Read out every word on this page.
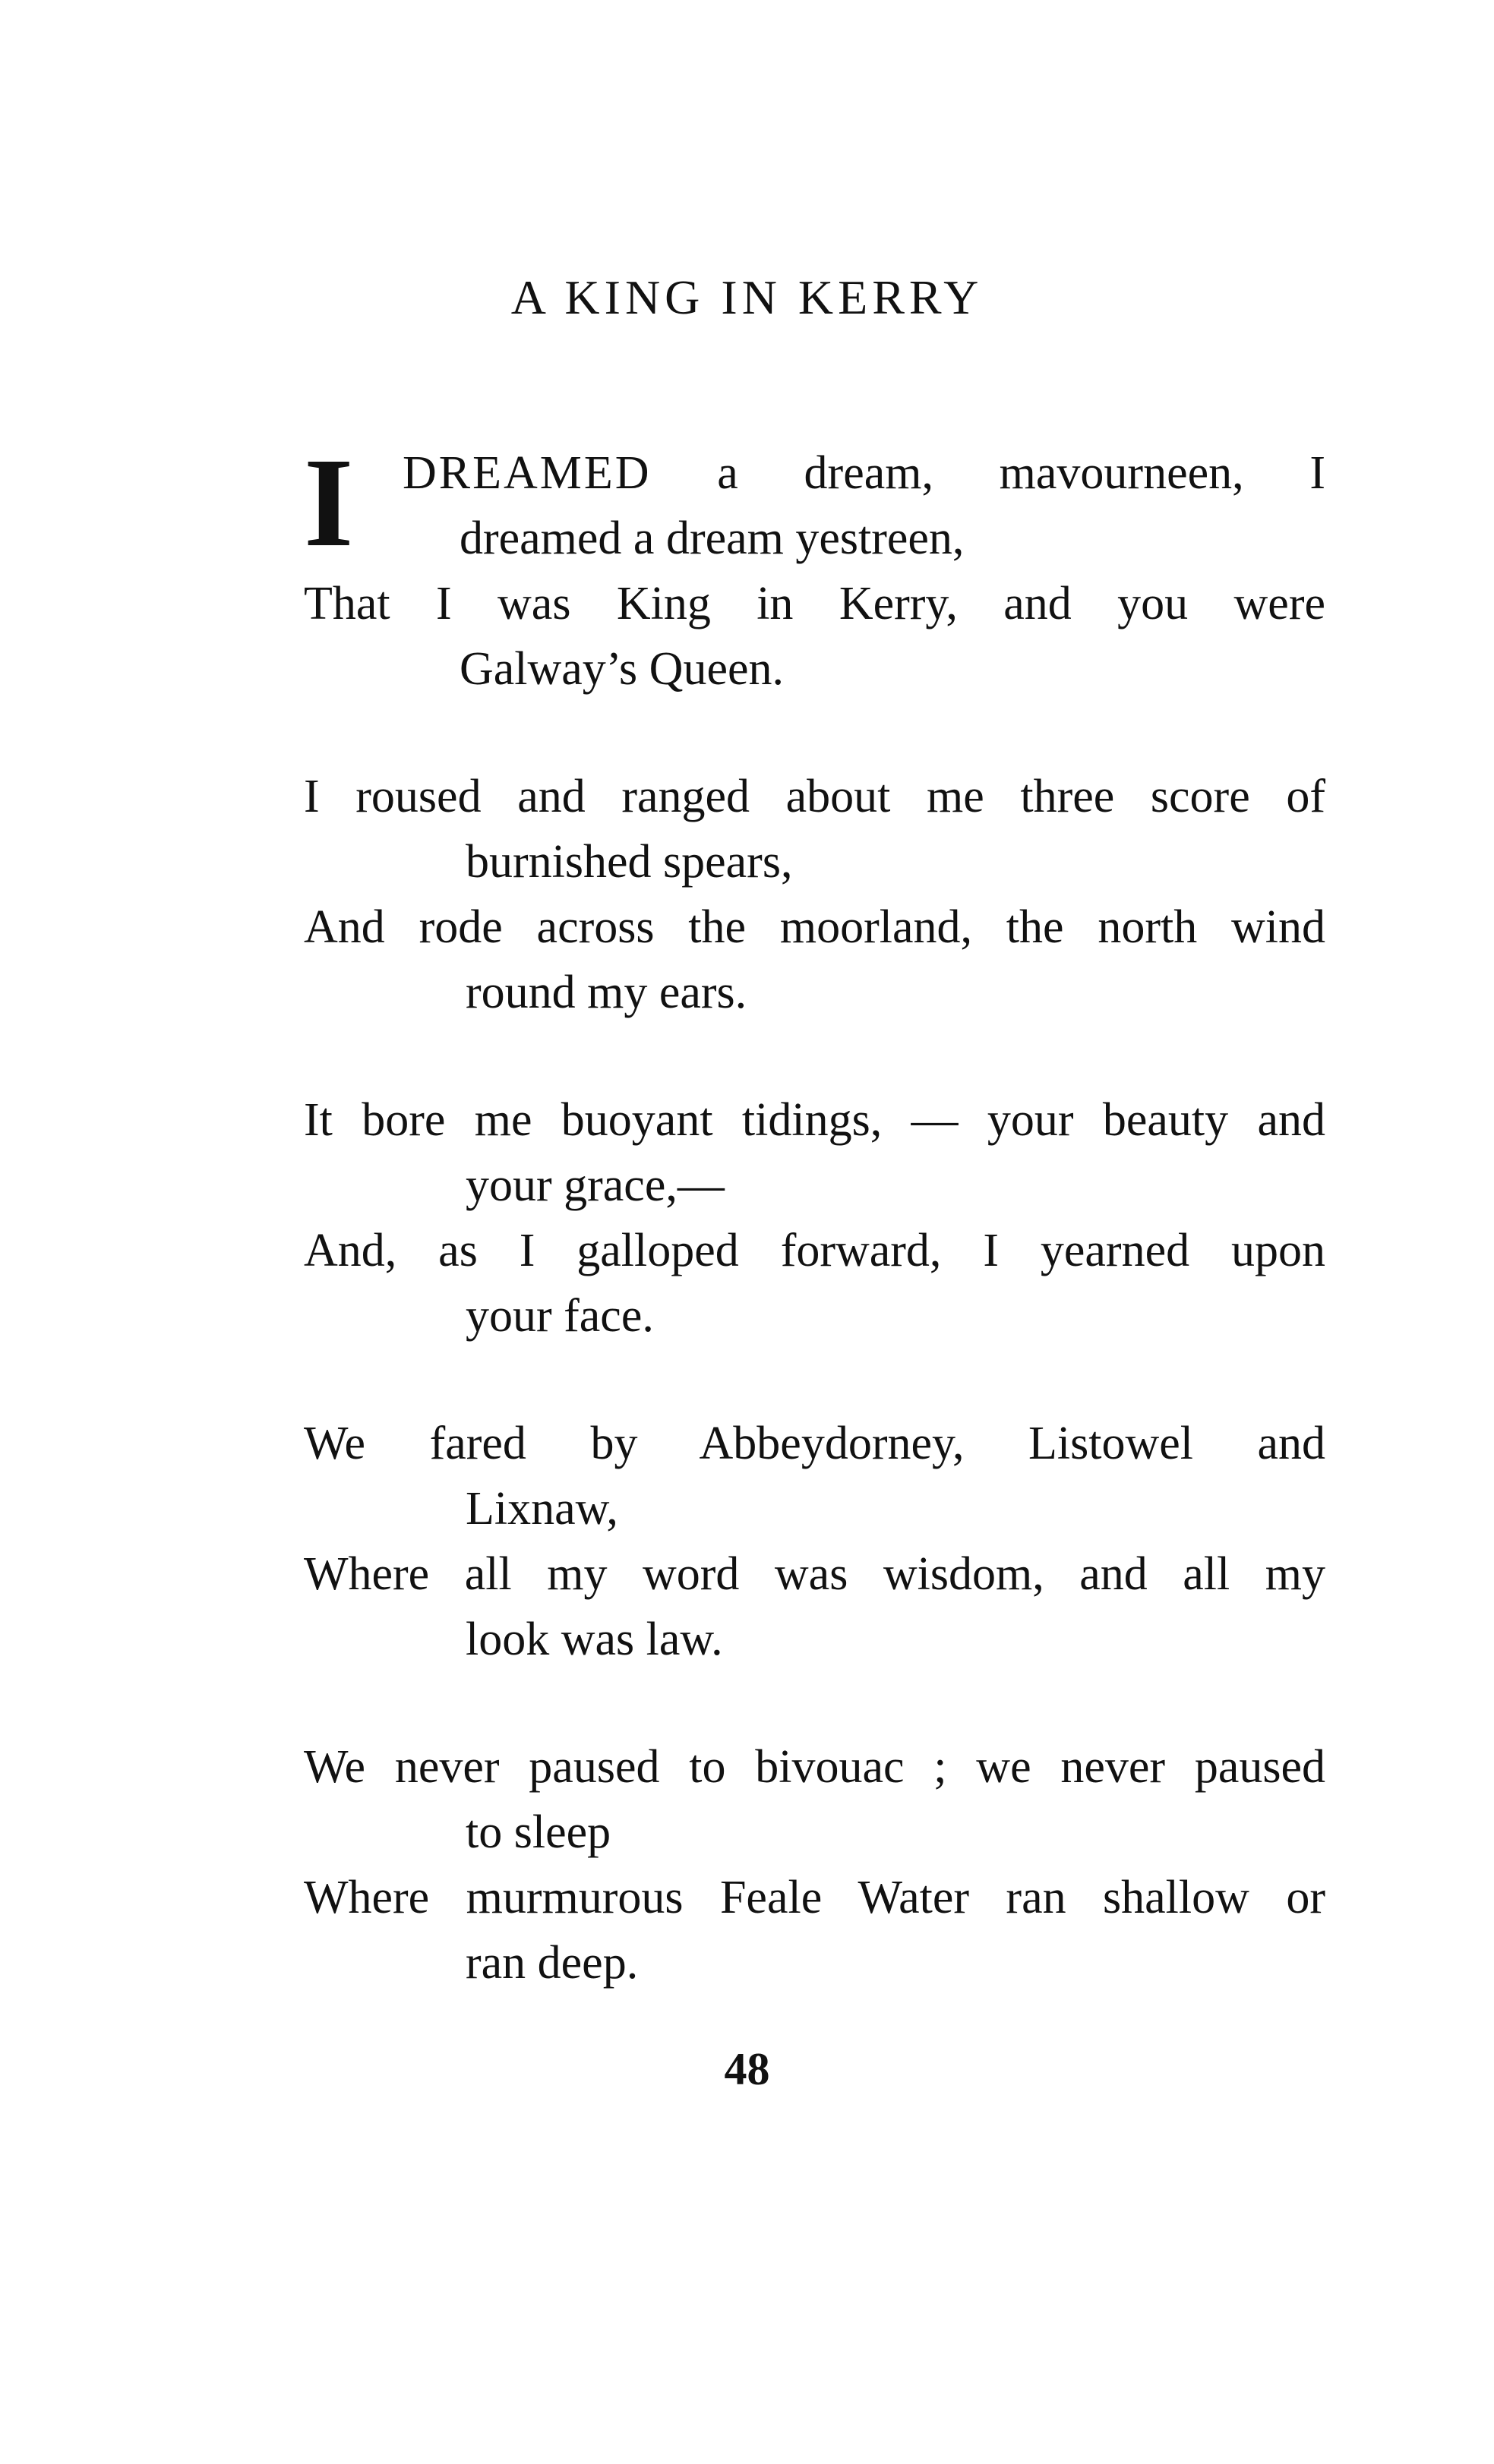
A KING IN KERRY

I DREAMED a dream, mavourneen, I

dreamed a dream yestreen,

That I was King in Kerry, and you were

Galway’s Queen.

I roused and ranged about me three score of

burnished spears,

And rode across the moorland, the north wind

round my ears.

It bore me buoyant tidings, — your beauty and

your grace,—

And, as I galloped forward, I yearned upon

your face.

We fared by Abbeydorney, Listowel and

Lixnaw,

Where all my word was wisdom, and all my

look was law.

We never paused to bivouac ; we never paused

to sleep

Where murmurous Feale Water ran shallow or

ran deep.

48
